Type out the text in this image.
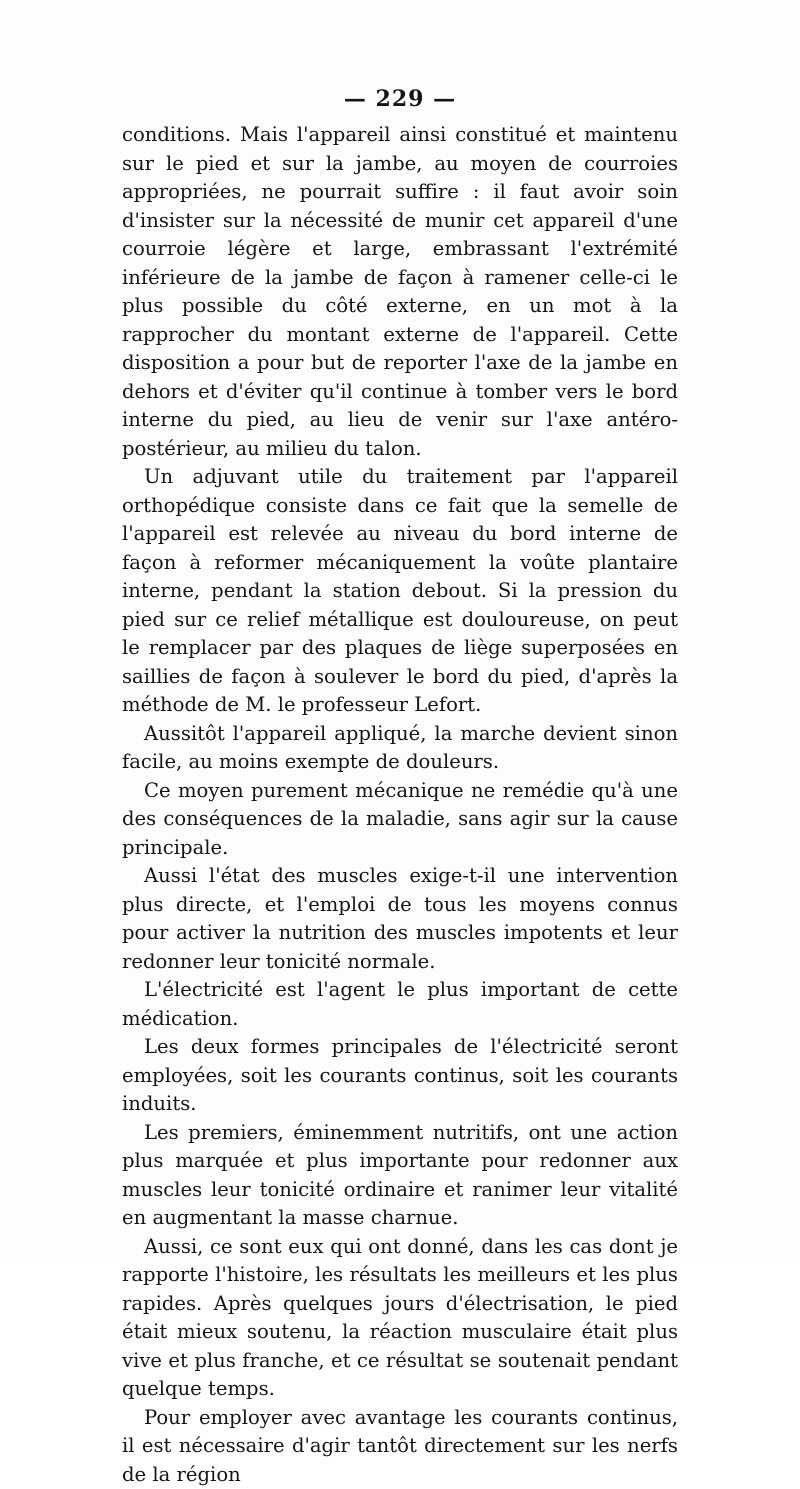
— 229 —

conditions. Mais l'appareil ainsi constitué et maintenu sur le pied et sur la jambe, au moyen de courroies appropriées, ne pourrait suffire : il faut avoir soin d'insister sur la nécessité de munir cet appareil d'une courroie légère et large, embrassant l'extrémité inférieure de la jambe de façon à ramener celle-ci le plus possible du côté externe, en un mot à la rapprocher du montant externe de l'appareil. Cette disposition a pour but de reporter l'axe de la jambe en dehors et d'éviter qu'il continue à tomber vers le bord interne du pied, au lieu de venir sur l'axe antéro-postérieur, au milieu du talon.

Un adjuvant utile du traitement par l'appareil orthopédique consiste dans ce fait que la semelle de l'appareil est relevée au niveau du bord interne de façon à reformer mécaniquement la voûte plantaire interne, pendant la station debout. Si la pression du pied sur ce relief métallique est douloureuse, on peut le remplacer par des plaques de liège superposées en saillies de façon à soulever le bord du pied, d'après la méthode de M. le professeur Lefort.

Aussitôt l'appareil appliqué, la marche devient sinon facile, au moins exempte de douleurs.

Ce moyen purement mécanique ne remédie qu'à une des conséquences de la maladie, sans agir sur la cause principale.

Aussi l'état des muscles exige-t-il une intervention plus directe, et l'emploi de tous les moyens connus pour activer la nutrition des muscles impotents et leur redonner leur tonicité normale.

L'électricité est l'agent le plus important de cette médication.

Les deux formes principales de l'électricité seront employées, soit les courants continus, soit les courants induits.

Les premiers, éminemment nutritifs, ont une action plus marquée et plus importante pour redonner aux muscles leur tonicité ordinaire et ranimer leur vitalité en augmentant la masse charnue.

Aussi, ce sont eux qui ont donné, dans les cas dont je rapporte l'histoire, les résultats les meilleurs et les plus rapides. Après quelques jours d'électrisation, le pied était mieux soutenu, la réaction musculaire était plus vive et plus franche, et ce résultat se soutenait pendant quelque temps.

Pour employer avec avantage les courants continus, il est nécessaire d'agir tantôt directement sur les nerfs de la région
